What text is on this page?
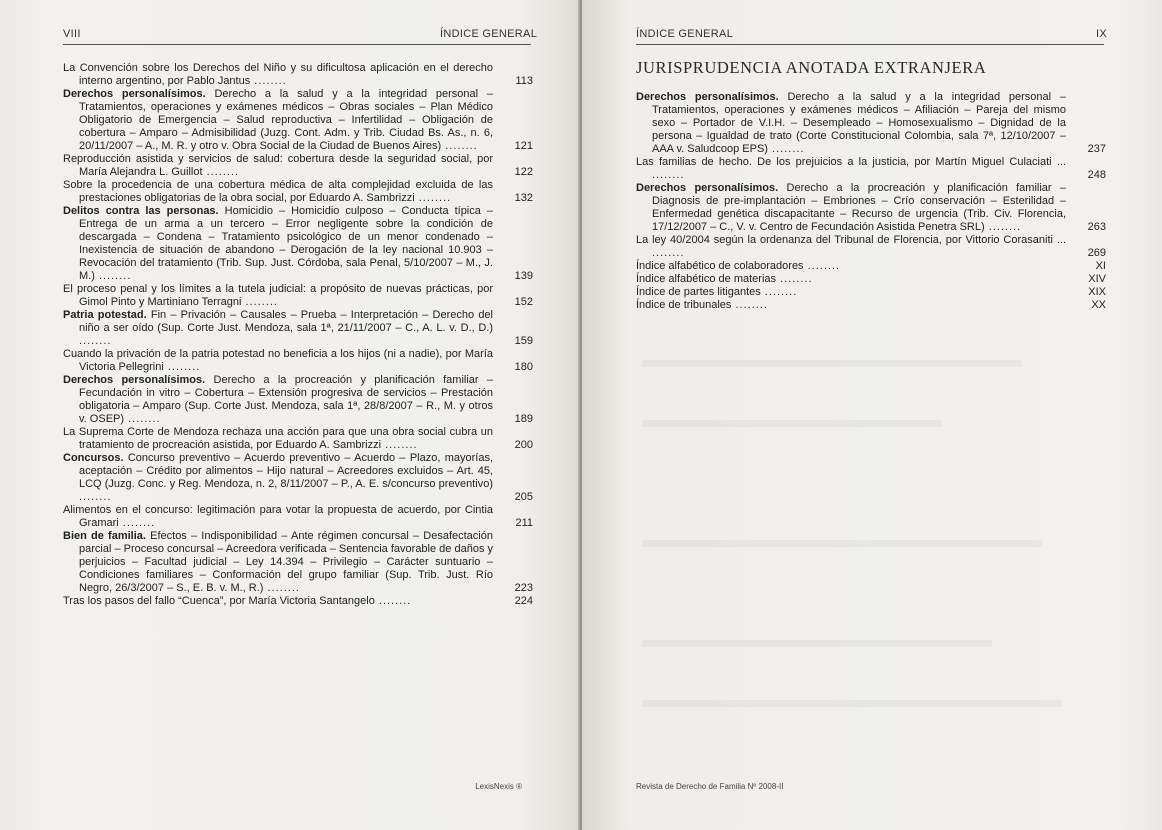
VIII	ÍNDICE GENERAL
La Convención sobre los Derechos del Niño y su dificultosa aplicación en el derecho interno argentino, por Pablo Jantus ........	113
Derechos personalísimos. Derecho a la salud y a la integridad personal – Tratamientos, operaciones y exámenes médicos – Obras sociales – Plan Médico Obligatorio de Emergencia – Salud reproductiva – Infertilidad – Obligación de cobertura – Amparo – Admisibilidad (Juzg. Cont. Adm. y Trib. Ciudad Bs. As., n. 6, 20/11/2007 – A., M. R. y otro v. Obra Social de la Ciudad de Buenos Aires) ........	121
Reproducción asistida y servicios de salud: cobertura desde la seguridad social, por María Alejandra L. Guillot ........	122
Sobre la procedencia de una cobertura médica de alta complejidad excluida de las prestaciones obligatorias de la obra social, por Eduardo A. Sambrizzi ........	132
Delitos contra las personas. Homicidio – Homicidio culposo – Conducta típica – Entrega de un arma a un tercero – Error negligente sobre la condición de descargada – Condena – Tratamiento psicológico de un menor condenado – Inexistencia de situación de abandono – Derogación de la ley nacional 10.903 – Revocación del tratamiento (Trib. Sup. Just. Córdoba, sala Penal, 5/10/2007 – M., J. M.) ........	139
El proceso penal y los límites a la tutela judicial: a propósito de nuevas prácticas, por Gimol Pinto y Martiniano Terragni ........	152
Patria potestad. Fin – Privación – Causales – Prueba – Interpretación – Derecho del niño a ser oído (Sup. Corte Just. Mendoza, sala 1ª, 21/11/2007 – C., A. L. v. D., D.) ........	159
Cuando la privación de la patria potestad no beneficia a los hijos (ni a nadie), por María Victoria Pellegrini ........	180
Derechos personalísimos. Derecho a la procreación y planificación familiar – Fecundación in vitro – Cobertura – Extensión progresiva de servicios – Prestación obligatoria – Amparo (Sup. Corte Just. Mendoza, sala 1ª, 28/8/2007 – R., M. y otros v. OSEP) ........	189
La Suprema Corte de Mendoza rechaza una acción para que una obra social cubra un tratamiento de procreación asistida, por Eduardo A. Sambrizzi ........	200
Concursos. Concurso preventivo – Acuerdo preventivo – Acuerdo – Plazo, mayorías, aceptación – Crédito por alimentos – Hijo natural – Acreedores excluidos – Art. 45, LCQ (Juzg. Conc. y Reg. Mendoza, n. 2, 8/11/2007 – P., A. E. s/concurso preventivo) ........	205
Alimentos en el concurso: legitimación para votar la propuesta de acuerdo, por Cintia Gramari ........	211
Bien de familia. Efectos – Indisponibilidad – Ante régimen concursal – Desafectación parcial – Proceso concursal – Acreedora verificada – Sentencia favorable de daños y perjuicios – Facultad judicial – Ley 14.394 – Privilegio – Carácter suntuario – Condiciones familiares – Conformación del grupo familiar (Sup. Trib. Just. Río Negro, 26/3/2007 – S., E. B. v. M., R.) ........	223
Tras los pasos del fallo “Cuenca”, por María Victoria Santangelo ........	224
LexisNexis ®
ÍNDICE GENERAL	IX
JURISPRUDENCIA ANOTADA EXTRANJERA
Derechos personalísimos. Derecho a la salud y a la integridad personal – Tratamientos, operaciones y exámenes médicos – Afiliación – Pareja del mismo sexo – Portador de V.I.H. – Desempleado – Homosexualismo – Dignidad de la persona – Igualdad de trato (Corte Constitucional Colombia, sala 7ª, 12/10/2007 – AAA v. Saludcoop EPS) ........	237
Las familias de hecho. De los prejuicios a la justicia, por Martín Miguel Culaciati ... ........	248
Derechos personalísimos. Derecho a la procreación y planificación familiar – Diagnosis de pre-implantación – Embriones – Crío conservación – Esterilidad – Enfermedad genética discapacitante – Recurso de urgencia (Trib. Civ. Florencia, 17/12/2007 – C., V. v. Centro de Fecundación Asistida Penetra SRL) ........	263
La ley 40/2004 según la ordenanza del Tribunal de Florencia, por Vittorio Corasaniti ... ........	269
Índice alfabético de colaboradores ........	XI
Índice alfabético de materias ........	XIV
Índice de partes litigantes ........	XIX
Índice de tribunales ........	XX
Revista de Derecho de Familia Nº 2008-II
